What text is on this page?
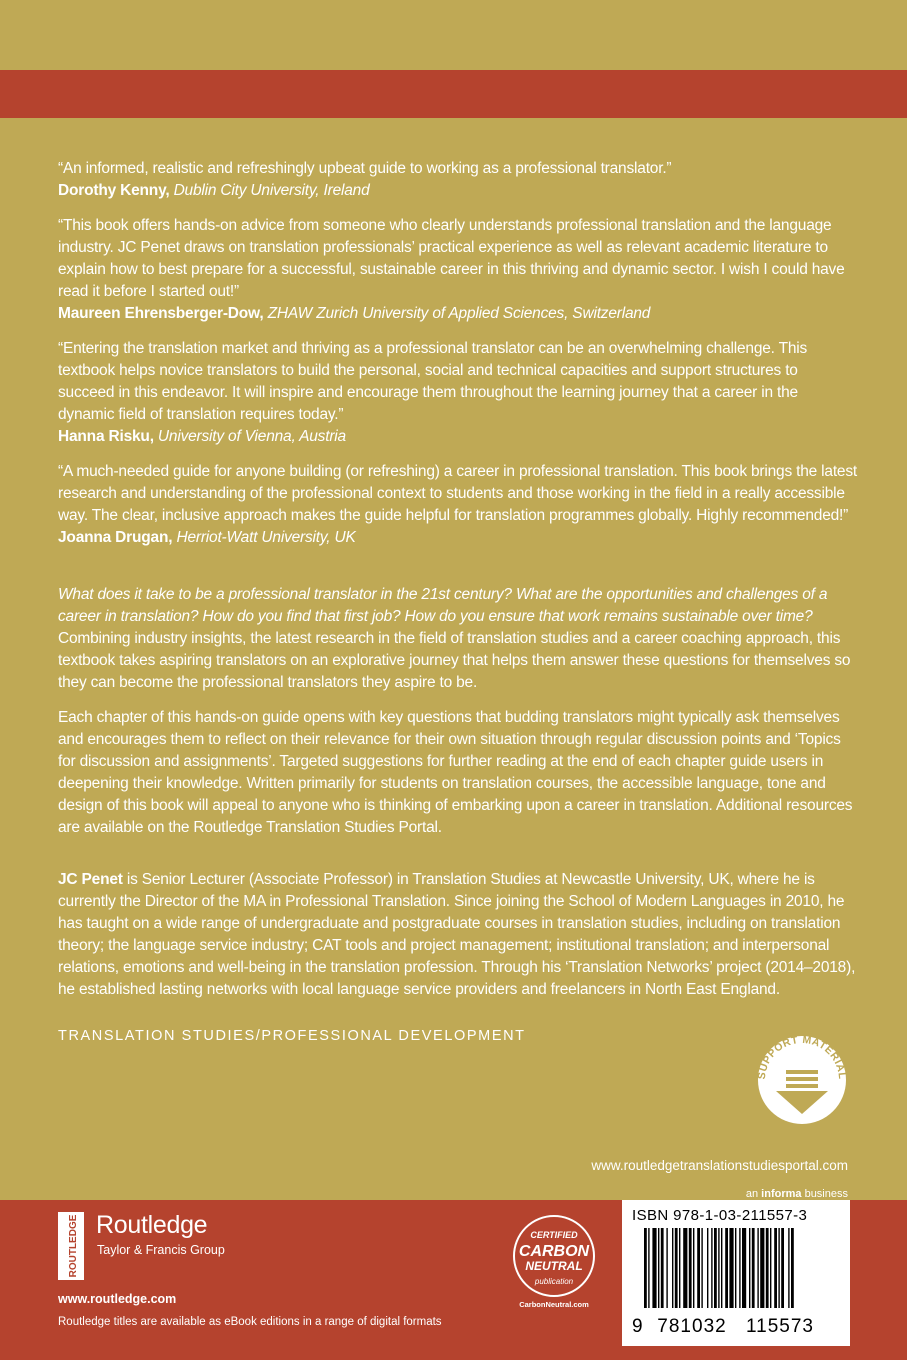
“An informed, realistic and refreshingly upbeat guide to working as a professional translator.”

Dorothy Kenny, Dublin City University, Ireland

“This book offers hands-on advice from someone who clearly understands professional translation and the language industry. JC Penet draws on translation professionals’ practical experience as well as relevant academic literature to explain how to best prepare for a successful, sustainable career in this thriving and dynamic sector. I wish I could have read it before I started out!”

Maureen Ehrensberger-Dow, ZHAW Zurich University of Applied Sciences, Switzerland

“Entering the translation market and thriving as a professional translator can be an overwhelming challenge. This textbook helps novice translators to build the personal, social and technical capacities and support structures to succeed in this endeavor. It will inspire and encourage them throughout the learning journey that a career in the dynamic field of translation requires today.”

Hanna Risku, University of Vienna, Austria

“A much-needed guide for anyone building (or refreshing) a career in professional translation. This book brings the latest research and understanding of the professional context to students and those working in the field in a really accessible way. The clear, inclusive approach makes the guide helpful for translation programmes globally. Highly recommended!”

Joanna Drugan, Herriot-Watt University, UK

What does it take to be a professional translator in the 21st century? What are the opportunities and challenges of a career in translation? How do you find that first job? How do you ensure that work remains sustainable over time? Combining industry insights, the latest research in the field of translation studies and a career coaching approach, this textbook takes aspiring translators on an explorative journey that helps them answer these questions for themselves so they can become the professional translators they aspire to be.

Each chapter of this hands-on guide opens with key questions that budding translators might typically ask themselves and encourages them to reflect on their relevance for their own situation through regular discussion points and ‘Topics for discussion and assignments’. Targeted suggestions for further reading at the end of each chapter guide users in deepening their knowledge. Written primarily for students on translation courses, the accessible language, tone and design of this book will appeal to anyone who is thinking of embarking upon a career in translation. Additional resources are available on the Routledge Translation Studies Portal.

JC Penet is Senior Lecturer (Associate Professor) in Translation Studies at Newcastle University, UK, where he is currently the Director of the MA in Professional Translation. Since joining the School of Modern Languages in 2010, he has taught on a wide range of undergraduate and postgraduate courses in translation studies, including on translation theory; the language service industry; CAT tools and project management; institutional translation; and interpersonal relations, emotions and well-being in the translation profession. Through his ‘Translation Networks’ project (2014–2018), he established lasting networks with local language service providers and freelancers in North East England.

TRANSLATION STUDIES/PROFESSIONAL DEVELOPMENT
SUPPORT MATERIAL
www.routledgetranslationstudiesportal.com
an informa business
ROUTLEDGE Routledge
Taylor & Francis Group
www.routledge.com
Routledge titles are available as eBook editions in a range of digital formats
CERTIFIED
CARBON
NEUTRAL
publication
CarbonNeutral.com
ISBN 978-1-03-211557-3
9 781032 115573
